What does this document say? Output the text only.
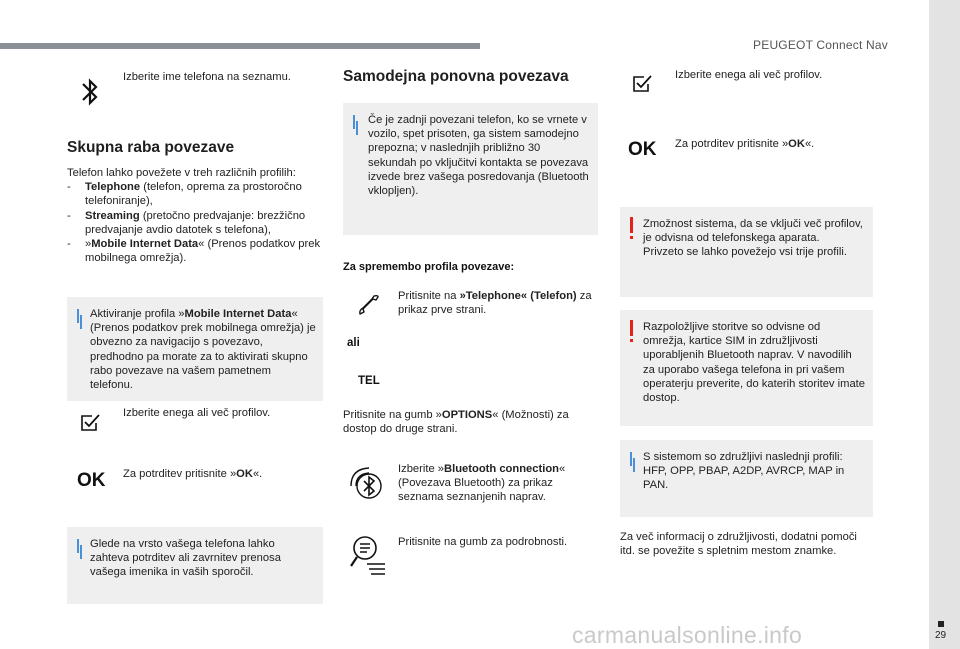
PEUGEOT Connect Nav
29
Izberite ime telefona na seznamu.
Skupna raba povezave
Telefon lahko povežete v treh različnih profilih:
- Telephone (telefon, oprema za prostoročno telefoniranje),
- Streaming (pretočno predvajanje: brezžično predvajanje avdio datotek s telefona),
- »Mobile Internet Data« (Prenos podatkov prek mobilnega omrežja).
Aktiviranje profila »Mobile Internet Data« (Prenos podatkov prek mobilnega omrežja) je obvezno za navigacijo s povezavo, predhodno pa morate za to aktivirati skupno rabo povezave na vašem pametnem telefonu.
Izberite enega ali več profilov.
OK Za potrditev pritisnite »OK«.
Glede na vrsto vašega telefona lahko zahteva potrditev ali zavrnitev prenosa vašega imenika in vaših sporočil.
Samodejna ponovna povezava
Če je zadnji povezani telefon, ko se vrnete v vozilo, spet prisoten, ga sistem samodejno prepozna; v naslednjih približno 30 sekundah po vključitvi kontakta se povezava izvede brez vašega posredovanja (Bluetooth vklopljen).
Za spremembo profila povezave:
Pritisnite na »Telephone« (Telefon) za prikaz prve strani.
ali
TEL
Pritisnite na gumb »OPTIONS« (Možnosti) za dostop do druge strani.
Izberite »Bluetooth connection« (Povezava Bluetooth) za prikaz seznama seznanjenih naprav.
Pritisnite na gumb za podrobnosti.
Izberite enega ali več profilov.
OK Za potrditev pritisnite »OK«.
Zmožnost sistema, da se vključi več profilov, je odvisna od telefonskega aparata.
Privzeto se lahko povežejo vsi trije profili.
Razpoložljive storitve so odvisne od omrežja, kartice SIM in združljivosti uporabljenih Bluetooth naprav. V navodilih za uporabo vašega telefona in pri vašem operaterju preverite, do katerih storitev imate dostop.
S sistemom so združljivi naslednji profili: HFP, OPP, PBAP, A2DP, AVRCP, MAP in PAN.
Za več informacij o združljivosti, dodatni pomoči itd. se povežite s spletnim mestom znamke.
carmanualsonline.info
